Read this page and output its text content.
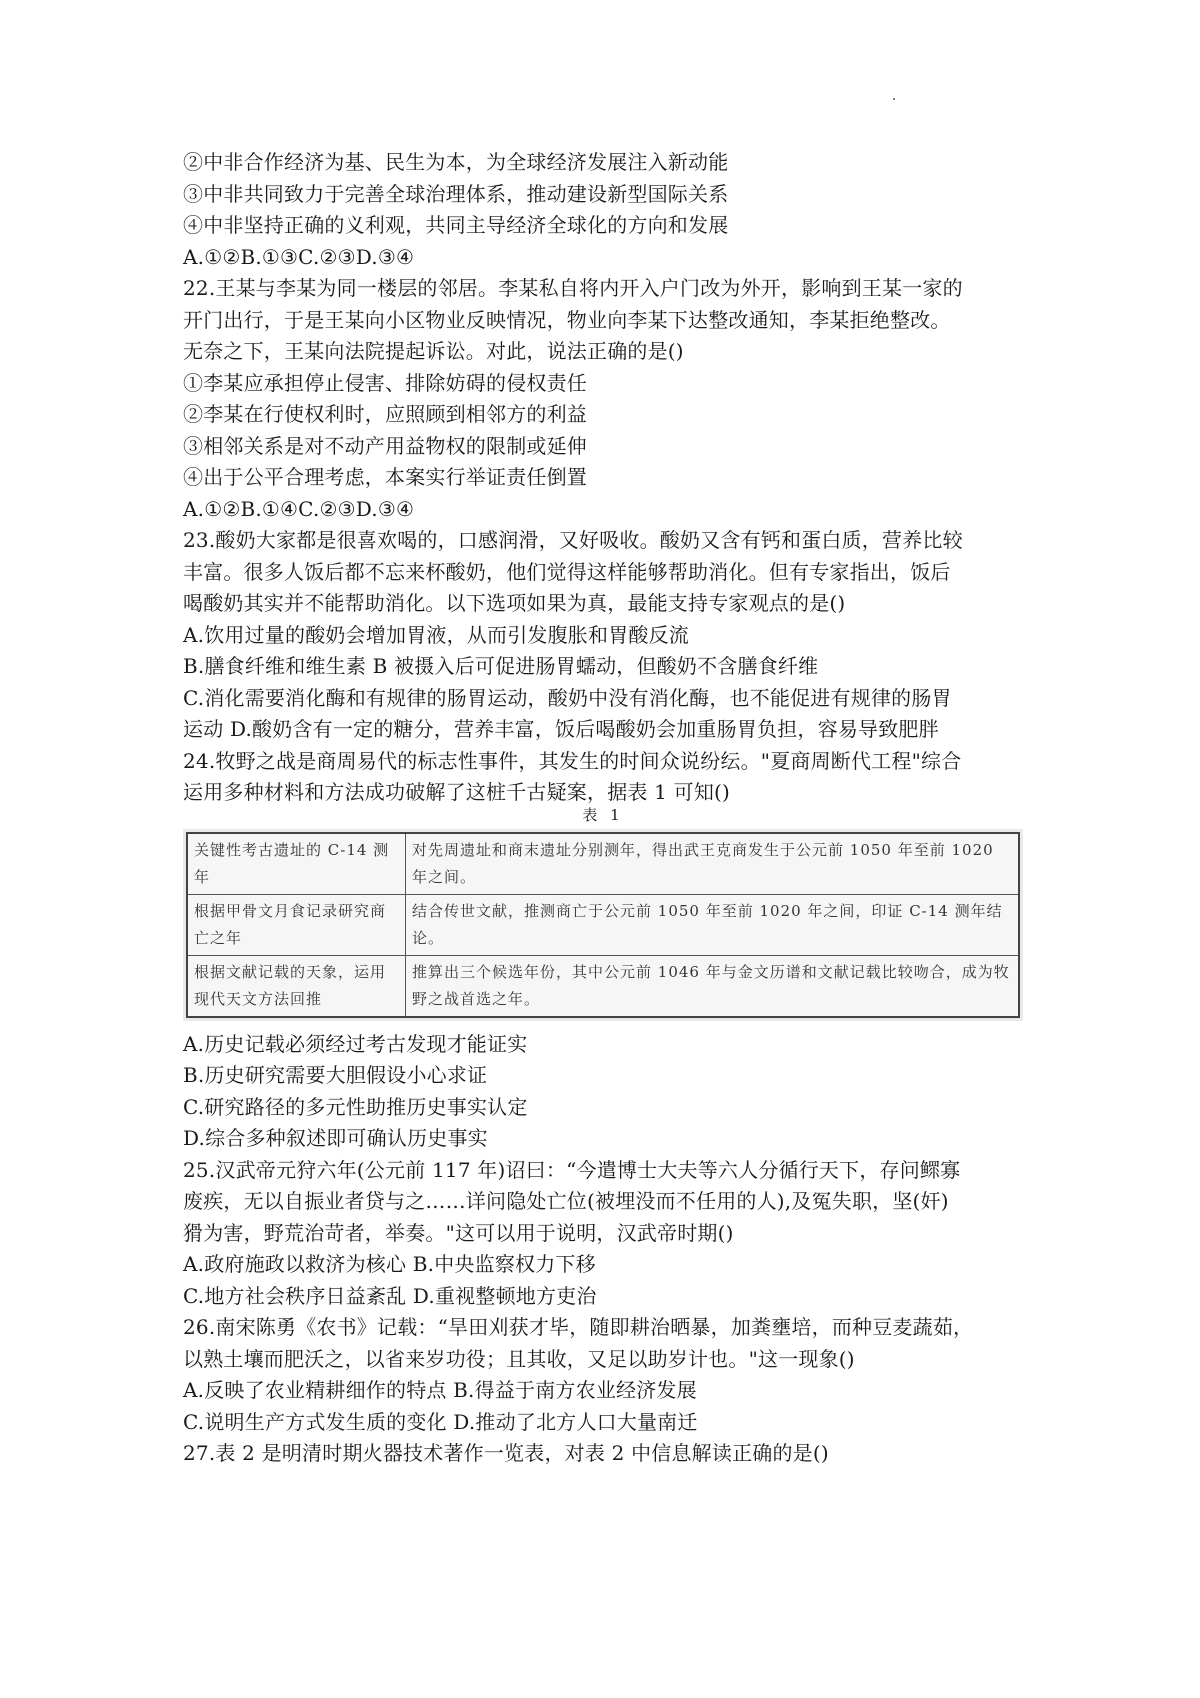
②中非合作经济为基、民生为本，为全球经济发展注入新动能
③中非共同致力于完善全球治理体系，推动建设新型国际关系
④中非坚持正确的义利观，共同主导经济全球化的方向和发展
A.①②B.①③C.②③D.③④
22.王某与李某为同一楼层的邻居。李某私自将内开入户门改为外开，影响到王某一家的
开门出行，于是王某向小区物业反映情况，物业向李某下达整改通知，李某拒绝整改。
无奈之下，王某向法院提起诉讼。对此，说法正确的是()
①李某应承担停止侵害、排除妨碍的侵权责任
②李某在行使权利时，应照顾到相邻方的利益
③相邻关系是对不动产用益物权的限制或延伸
④出于公平合理考虑，本案实行举证责任倒置
A.①②B.①④C.②③D.③④
23.酸奶大家都是很喜欢喝的，口感润滑，又好吸收。酸奶又含有钙和蛋白质，营养比较
丰富。很多人饭后都不忘来杯酸奶，他们觉得这样能够帮助消化。但有专家指出，饭后
喝酸奶其实并不能帮助消化。以下选项如果为真，最能支持专家观点的是()
A.饮用过量的酸奶会增加胃液，从而引发腹胀和胃酸反流
B.膳食纤维和维生素 B 被摄入后可促进肠胃蠕动，但酸奶不含膳食纤维
C.消化需要消化酶和有规律的肠胃运动，酸奶中没有消化酶，也不能促进有规律的肠胃
运动 D.酸奶含有一定的糖分，营养丰富，饭后喝酸奶会加重肠胃负担，容易导致肥胖
24.牧野之战是商周易代的标志性事件，其发生的时间众说纷纭。"夏商周断代工程"综合
运用多种材料和方法成功破解了这桩千古疑案，据表 1 可知()
表 1
关键性考古遗址的 C-14 测年	对先周遗址和商末遗址分别测年，得出武王克商发生于公元前 1050 年至前 1020 年之间。
根据甲骨文月食记录研究商亡之年	结合传世文献，推测商亡于公元前 1050 年至前 1020 年之间，印证 C-14 测年结论。
根据文献记载的天象，运用现代天文方法回推	推算出三个候选年份，其中公元前 1046 年与金文历谱和文献记载比较吻合，成为牧野之战首选之年。
A.历史记载必须经过考古发现才能证实
B.历史研究需要大胆假设小心求证
C.研究路径的多元性助推历史事实认定
D.综合多种叙述即可确认历史事实
25.汉武帝元狩六年(公元前 117 年)诏曰：“今遣博士大夫等六人分循行天下，存问鳏寡
废疾，无以自振业者贷与之……详问隐处亡位(被埋没而不任用的人),及冤失职，坚(奸)
猾为害，野荒治苛者，举奏。"这可以用于说明，汉武帝时期()
A.政府施政以救济为核心 B.中央监察权力下移
C.地方社会秩序日益紊乱 D.重视整顿地方吏治
26.南宋陈勇《农书》记载：“旱田刈获才毕，随即耕治晒暴，加粪壅培，而种豆麦蔬茹，
以熟土壤而肥沃之，以省来岁功役；且其收，又足以助岁计也。"这一现象()
A.反映了农业精耕细作的特点 B.得益于南方农业经济发展
C.说明生产方式发生质的变化 D.推动了北方人口大量南迁
27.表 2 是明清时期火器技术著作一览表，对表 2 中信息解读正确的是()
